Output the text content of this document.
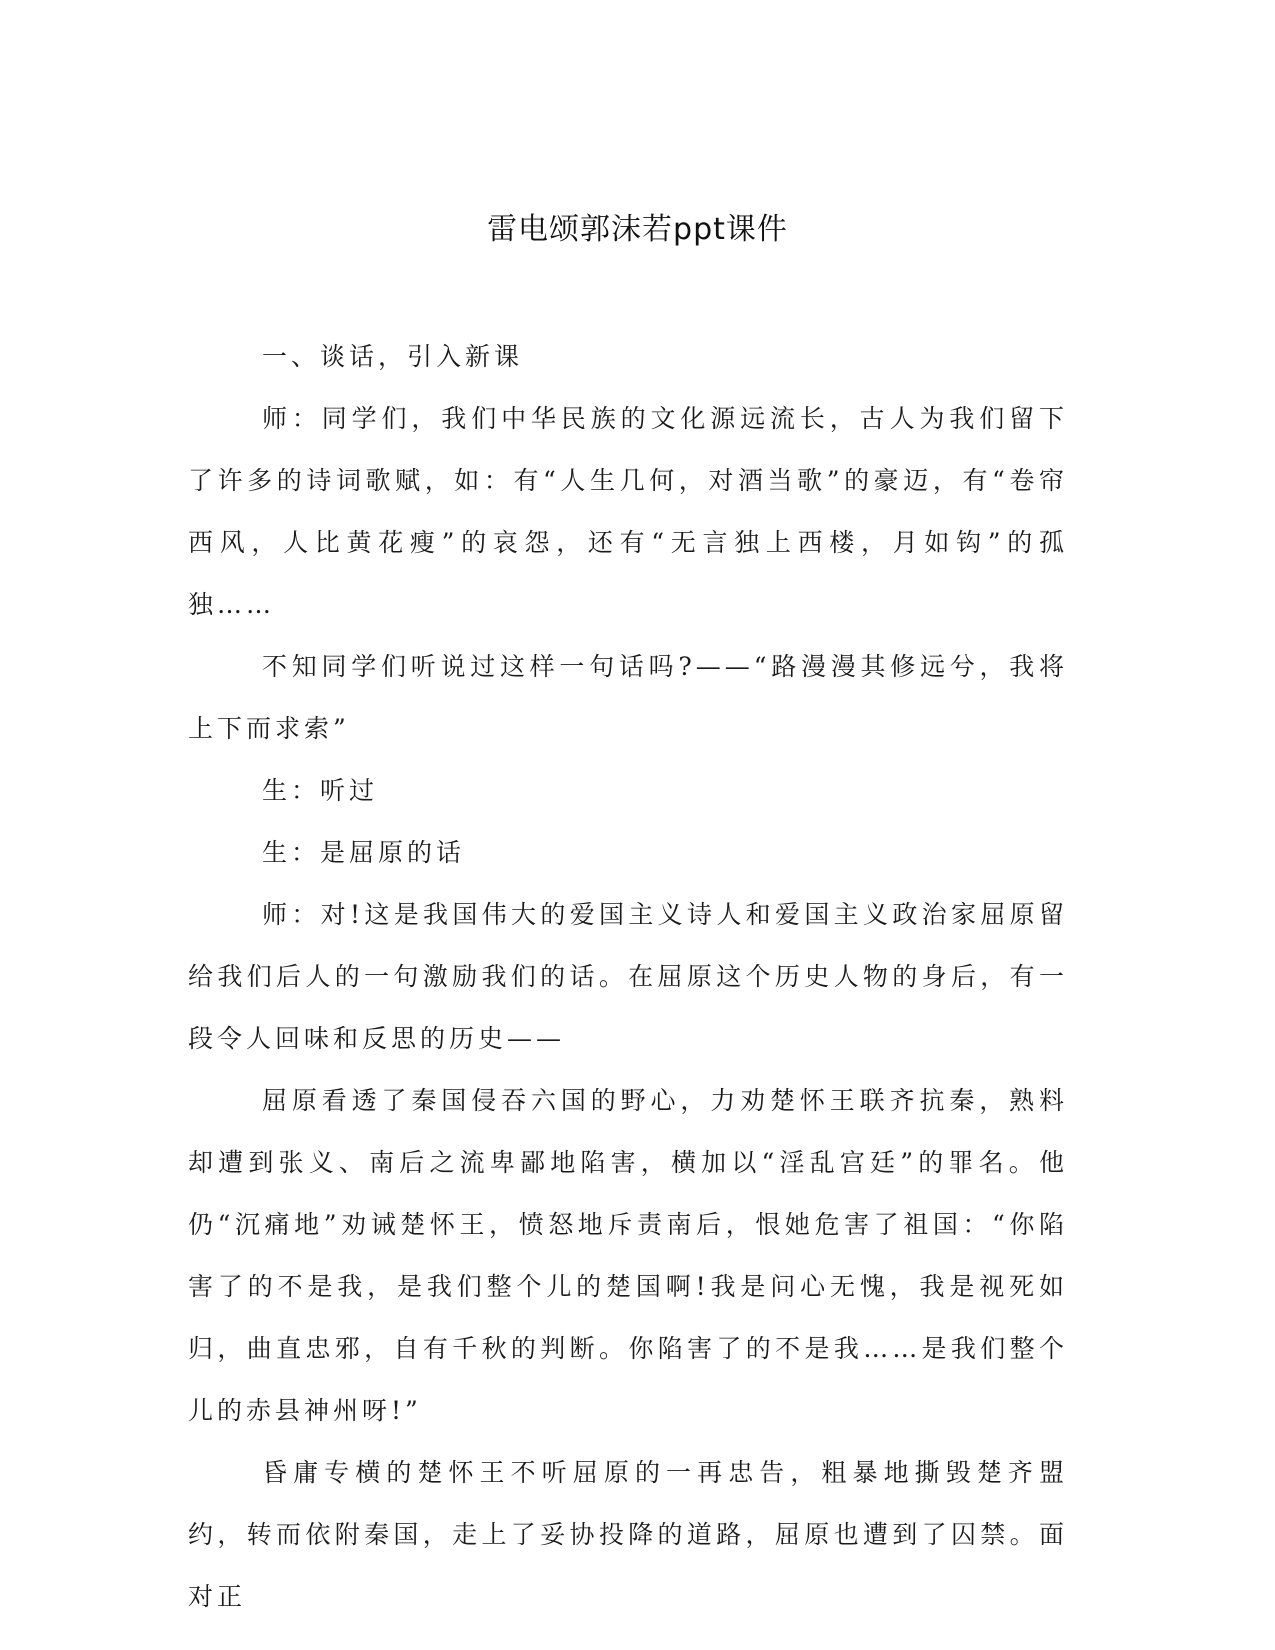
雷电颂郭沫若ppt课件

一、谈话，引入新课

师：同学们，我们中华民族的文化源远流长，古人为我们留下了许多的诗词歌赋，如：有“人生几何，对酒当歌”的豪迈，有“卷帘西风，人比黄花瘦”的哀怨，还有“无言独上西楼，月如钩”的孤独……

不知同学们听说过这样一句话吗?——“路漫漫其修远兮，我将上下而求索”

生：听过

生：是屈原的话

师：对!这是我国伟大的爱国主义诗人和爱国主义政治家屈原留给我们后人的一句激励我们的话。在屈原这个历史人物的身后，有一段令人回味和反思的历史——

屈原看透了秦国侵吞六国的野心，力劝楚怀王联齐抗秦，熟料却遭到张义、南后之流卑鄙地陷害，横加以“淫乱宫廷”的罪名。他仍“沉痛地”劝诫楚怀王，愤怒地斥责南后，恨她危害了祖国：“你陷害了的不是我，是我们整个儿的楚国啊!我是问心无愧，我是视死如归，曲直忠邪，自有千秋的判断。你陷害了的不是我……是我们整个儿的赤县神州呀!”

昏庸专横的楚怀王不听屈原的一再忠告，粗暴地撕毁楚齐盟约，转而依附秦国，走上了妥协投降的道路，屈原也遭到了囚禁。面对正
